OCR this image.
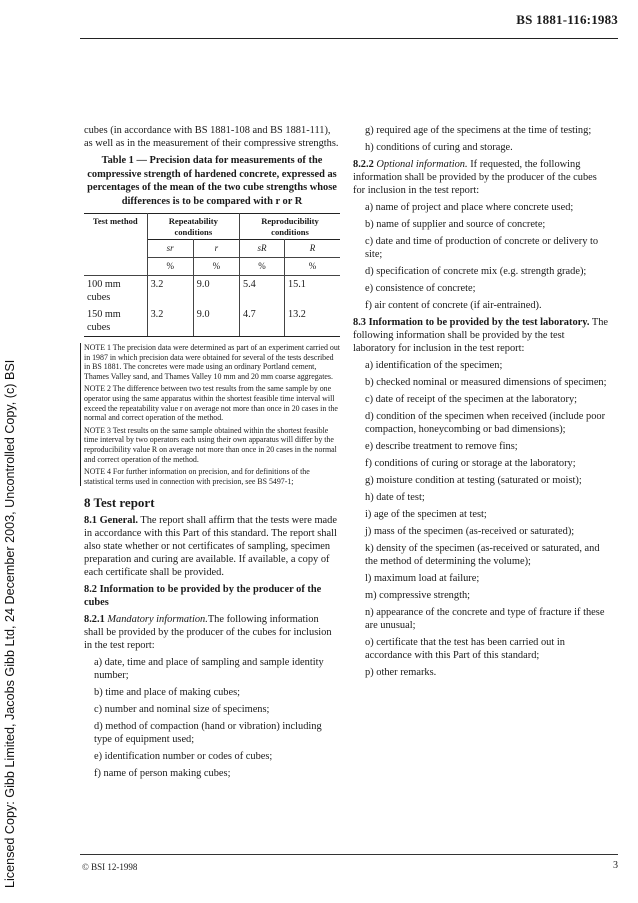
BS 1881-116:1983
Licensed Copy: Gibb Limited, Jacobs Gibb Ltd, 24 December 2003, Uncontrolled Copy, (c) BSI

cubes (in accordance with BS 1881-108 and BS 1881-111), as well as in the measurement of their compressive strengths.

Table 1 — Precision data for measurements of the compressive strength of hardened concrete, expressed as percentages of the mean of the two cube strengths whose differences is to be compared with r or R

Test method	Repeatability conditions		Reproducibility conditions	
	sr	r	sR	R
	%	%	%	%
100 mm cubes	3.2	9.0	5.4	15.1
150 mm cubes	3.2	9.0	4.7	13.2

NOTE 1 The precision data were determined as part of an experiment carried out in 1987 in which precision data were obtained for several of the tests described in BS 1881. The concretes were made using an ordinary Portland cement, Thames Valley sand, and Thames Valley 10 mm and 20 mm coarse aggregates.

NOTE 2 The difference between two test results from the same sample by one operator using the same apparatus within the shortest feasible time interval will exceed the repeatability value r on average not more than once in 20 cases in the normal and correct operation of the method.

NOTE 3 Test results on the same sample obtained within the shortest feasible time interval by two operators each using their own apparatus will differ by the reproducibility value R on average not more than once in 20 cases in the normal and correct operation of the method.

NOTE 4 For further information on precision, and for definitions of the statistical terms used in connection with precision, see BS 5497-1;

8 Test report

8.1 General. The report shall affirm that the tests were made in accordance with this Part of this standard. The report shall also state whether or not certificates of sampling, specimen preparation and curing are available. If available, a copy of each certificate shall be provided.

8.2 Information to be provided by the producer of the cubes

8.2.1 Mandatory information.The following information shall be provided by the producer of the cubes for inclusion in the test report:

a) date, time and place of sampling and sample identity number;

b) time and place of making cubes;

c) number and nominal size of specimens;

d) method of compaction (hand or vibration) including type of equipment used;

e) identification number or codes of cubes;

f) name of person making cubes;

g) required age of the specimens at the time of testing;

h) conditions of curing and storage.

8.2.2 Optional information. If requested, the following information shall be provided by the producer of the cubes for inclusion in the test report:

a) name of project and place where concrete used;

b) name of supplier and source of concrete;

c) date and time of production of concrete or delivery to site;

d) specification of concrete mix (e.g. strength grade);

e) consistence of concrete;

f) air content of concrete (if air-entrained).

8.3 Information to be provided by the test laboratory. The following information shall be provided by the test laboratory for inclusion in the test report:

a) identification of the specimen;

b) checked nominal or measured dimensions of specimen;

c) date of receipt of the specimen at the laboratory;

d) condition of the specimen when received (include poor compaction, honeycombing or bad dimensions);

e) describe treatment to remove fins;

f) conditions of curing or storage at the laboratory;

g) moisture condition at testing (saturated or moist);

h) date of test;

i) age of the specimen at test;

j) mass of the specimen (as-received or saturated);

k) density of the specimen (as-received or saturated, and the method of determining the volume);

l) maximum load at failure;

m) compressive strength;

n) appearance of the concrete and type of fracture if these are unusual;

o) certificate that the test has been carried out in accordance with this Part of this standard;

p) other remarks.

© BSI 12-1998	3
